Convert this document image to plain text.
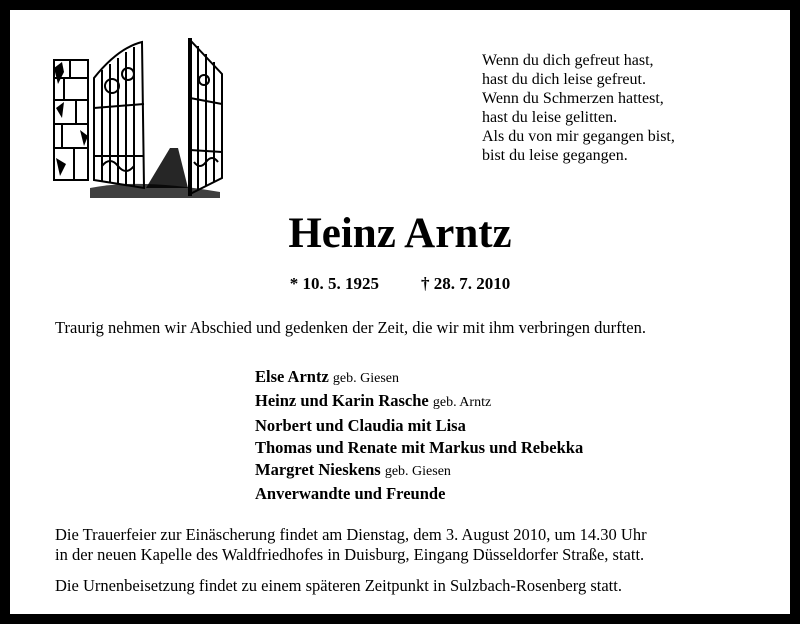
Wenn du dich gefreut hast,
hast du dich leise gefreut.
Wenn du Schmerzen hattest,
hast du leise gelitten.
Als du von mir gegangen bist,
bist du leise gegangen.
Heinz Arntz
* 10. 5. 1925 † 28. 7. 2010
Traurig nehmen wir Abschied und gedenken der Zeit, die wir mit ihm verbringen durften.
Else Arntz geb. Giesen
Heinz und Karin Rasche geb. Arntz
Norbert und Claudia mit Lisa
Thomas und Renate mit Markus und Rebekka
Margret Nieskens geb. Giesen
Anverwandte und Freunde
Die Trauerfeier zur Einäscherung findet am Dienstag, dem 3. August 2010, um 14.30 Uhr
in der neuen Kapelle des Waldfriedhofes in Duisburg, Eingang Düsseldorfer Straße, statt.
Die Urnenbeisetzung findet zu einem späteren Zeitpunkt in Sulzbach-Rosenberg statt.
